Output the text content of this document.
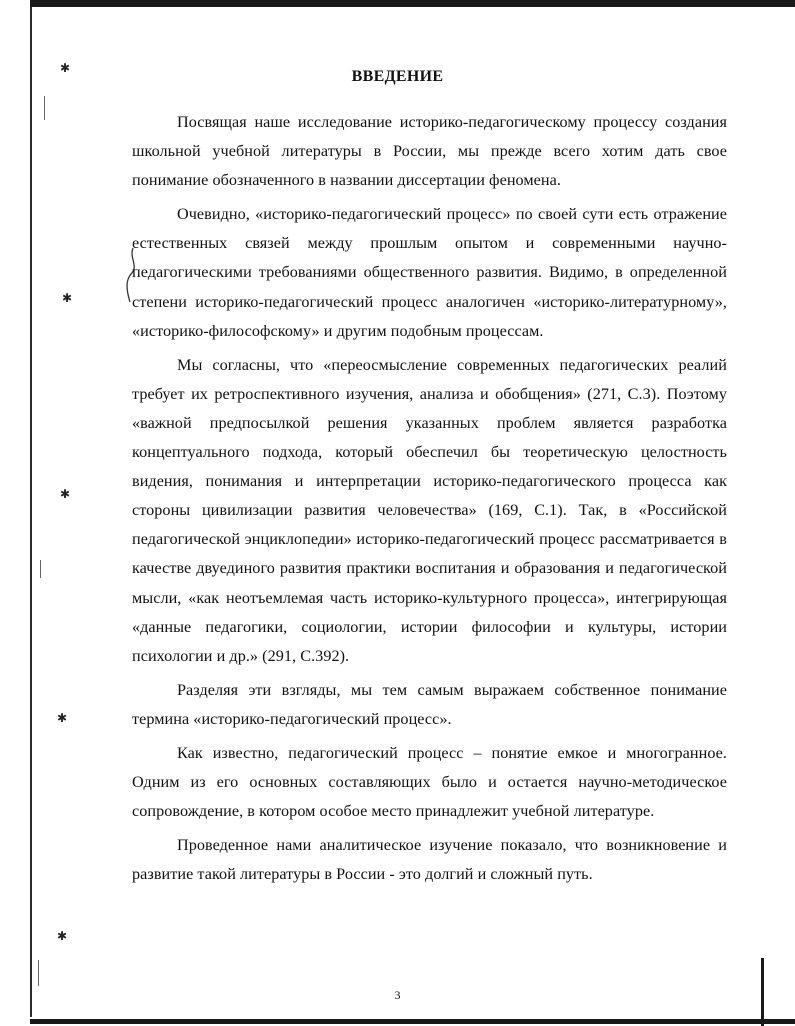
✱
✱
✱
✱
✱
ВВЕДЕНИЕ

Посвящая наше исследование историко-педагогическому процессу создания школьной учебной литературы в России, мы прежде всего хотим дать свое понимание обозначенного в названии диссертации феномена.

Очевидно, «историко-педагогический процесс» по своей сути есть отражение естественных связей между прошлым опытом и современными научно-педагогическими требованиями общественного развития. Видимо, в определенной степени историко-педагогический процесс аналогичен «историко-литературному», «историко-философскому» и другим подобным процессам.

Мы согласны, что «переосмысление современных педагогических реалий требует их ретроспективного изучения, анализа и обобщения» (271, С.3). Поэтому «важной предпосылкой решения указанных проблем является разработка концептуального подхода, который обеспечил бы теоретическую целостность видения, понимания и интерпретации историко-педагогического процесса как стороны цивилизации развития человечества» (169, С.1). Так, в «Российской педагогической энциклопедии» историко-педагогический процесс рассматривается в качестве двуединого развития практики воспитания и образования и педагогической мысли, «как неотъемлемая часть историко-культурного процесса», интегрирующая «данные педагогики, социологии, истории философии и культуры, истории психологии и др.» (291, С.392).

Разделяя эти взгляды, мы тем самым выражаем собственное понимание термина «историко-педагогический процесс».

Как известно, педагогический процесс – понятие емкое и многогранное. Одним из его основных составляющих было и остается научно-методическое сопровождение, в котором особое место принадлежит учебной литературе.

Проведенное нами аналитическое изучение показало, что возникновение и развитие такой литературы в России - это долгий и сложный путь.

3
